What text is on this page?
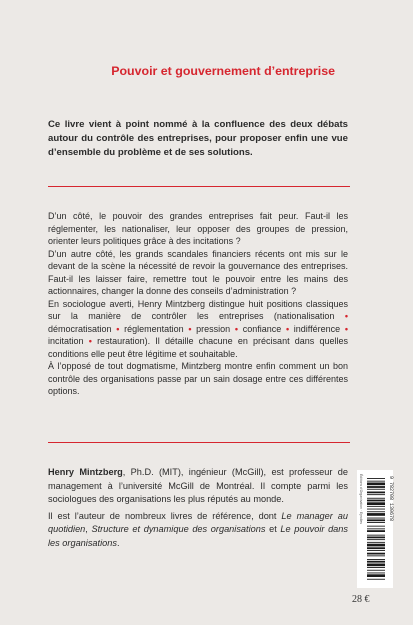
Pouvoir et gouvernement d’entreprise

Ce livre vient à point nommé à la confluence des deux débats autour du contrôle des entreprises, pour proposer enfin une vue d’ensemble du problème et de ses solutions.

D’un côté, le pouvoir des grandes entreprises fait peur. Faut-il les réglementer, les nationaliser, leur opposer des groupes de pression, orienter leurs politiques grâce à des incitations ?

D’un autre côté, les grands scandales financiers récents ont mis sur le devant de la scène la nécessité de revoir la gouvernance des entreprises. Faut-il les laisser faire, remettre tout le pouvoir entre les mains des actionnaires, changer la donne des conseils d’administration ?

En sociologue averti, Henry Mintzberg distingue huit positions classiques sur la manière de contrôler les entreprises (nationalisation • démocratisation • réglementation • pression • confiance • indifférence • incitation • restauration). Il détaille chacune en précisant dans quelles conditions elle peut être légitime et souhaitable.

À l’opposé de tout dogmatisme, Mintzberg montre enfin comment un bon contrôle des organisations passe par un sain dosage entre ces différentes options.

Henry Mintzberg, Ph.D. (MIT), ingénieur (McGill), est professeur de management à l’université McGill de Montréal. Il compte parmi les sociologues des organisations les plus réputés au monde.

Il est l’auteur de nombreux livres de référence, dont Le manager au quotidien, Structure et dynamique des organisations et Le pouvoir dans les organisations.

Éditions d’Organisation · Eyrolles	9 782708 130678
28 €
